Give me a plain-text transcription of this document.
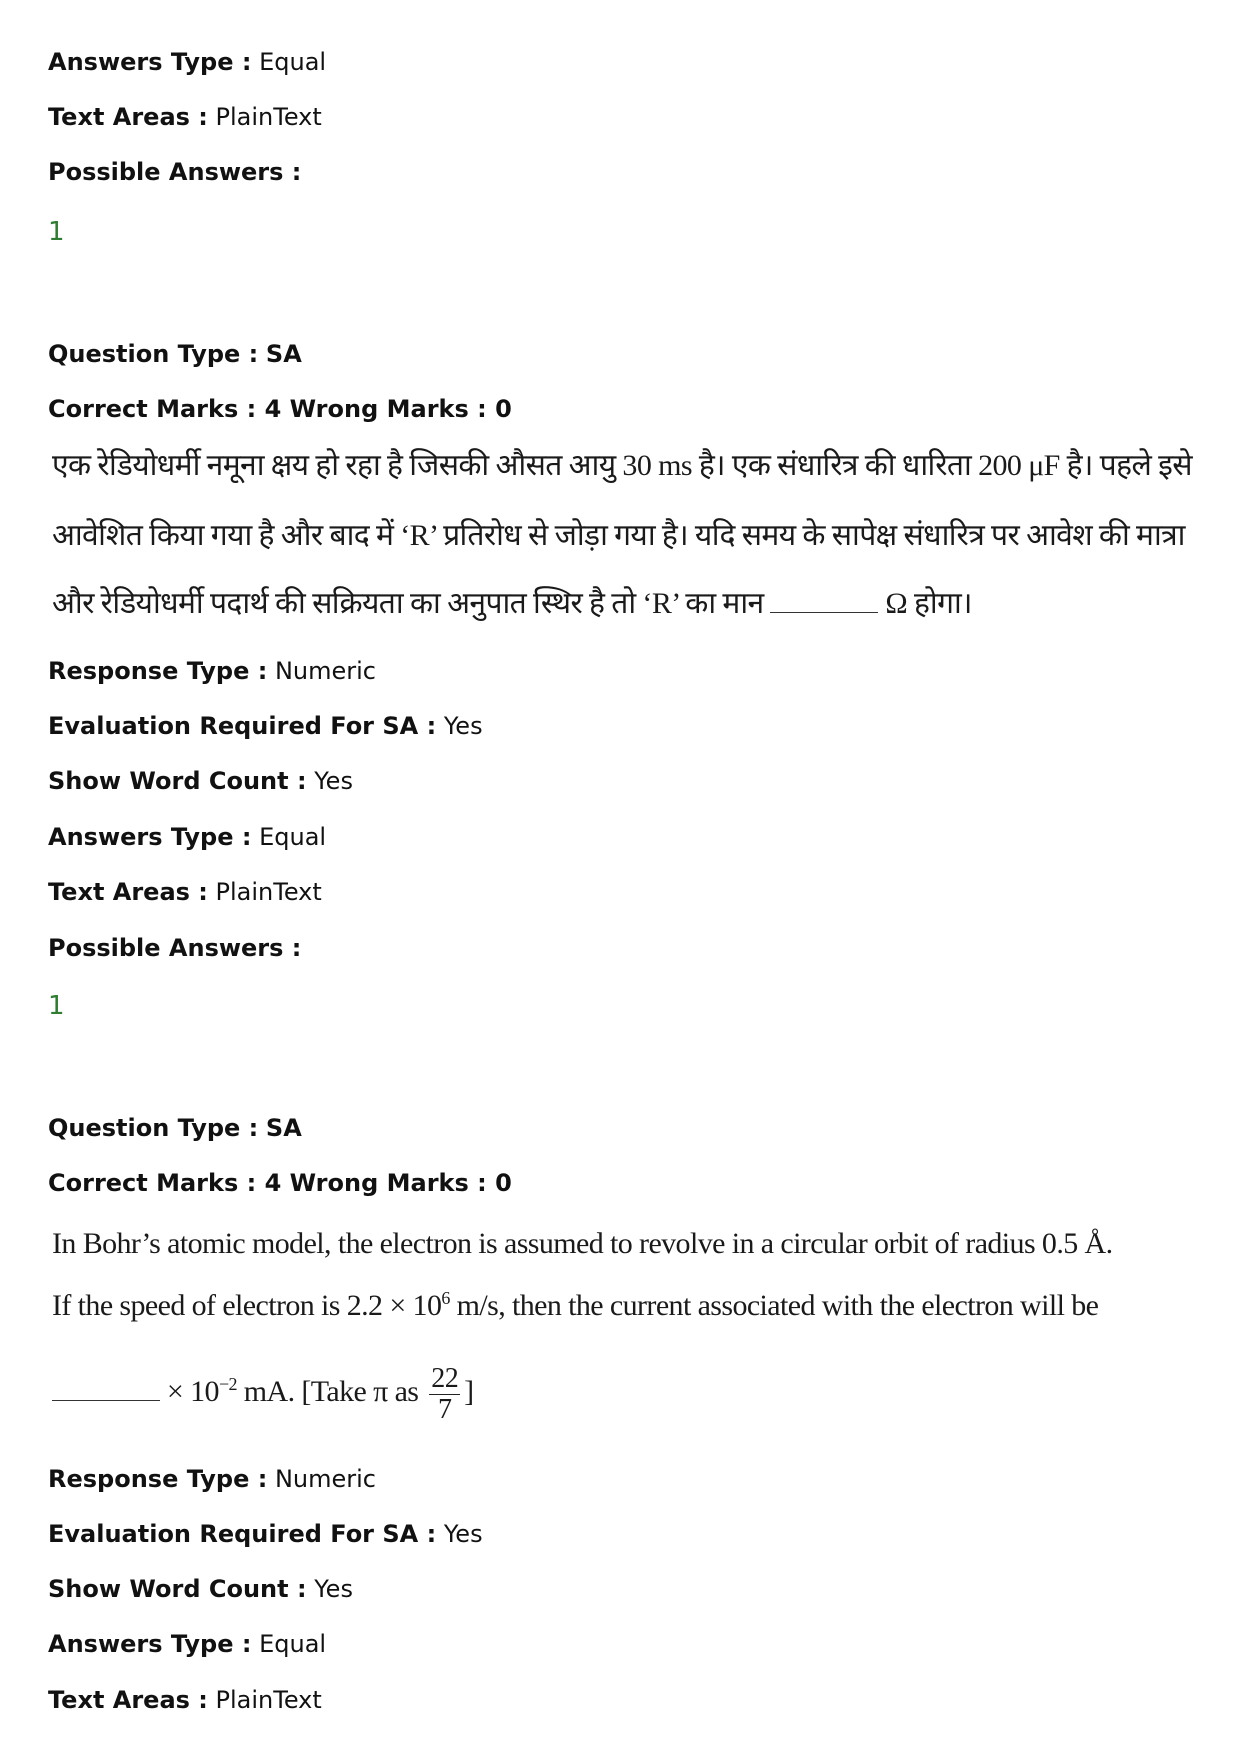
Answers Type : Equal
Text Areas : PlainText
Possible Answers :
1
Question Type : SA
Correct Marks : 4 Wrong Marks : 0
एक रेडियोधर्मी नमूना क्षय हो रहा है जिसकी औसत आयु 30 ms है। एक संधारित्र की धारिता 200 μF है। पहले इसे
आवेशित किया गया है और बाद में ‘R’ प्रतिरोध से जोड़ा गया है। यदि समय के सापेक्ष संधारित्र पर आवेश की मात्रा
और रेडियोधर्मी पदार्थ की सक्रियता का अनुपात स्थिर है तो ‘R’ का मान	Ω होगा।
Response Type : Numeric
Evaluation Required For SA : Yes
Show Word Count : Yes
Answers Type : Equal
Text Areas : PlainText
Possible Answers :
1
Question Type : SA
Correct Marks : 4 Wrong Marks : 0
In Bohr’s atomic model, the electron is assumed to revolve in a circular orbit of radius 0.5 Å.
If the speed of electron is $2.2 \times 10^6$ m/s, then the current associated with the electron will be
× $10^{-2}$ mA. [Take π as $\frac{22}{7}$ ]
Response Type : Numeric
Evaluation Required For SA : Yes
Show Word Count : Yes
Answers Type : Equal
Text Areas : PlainText
